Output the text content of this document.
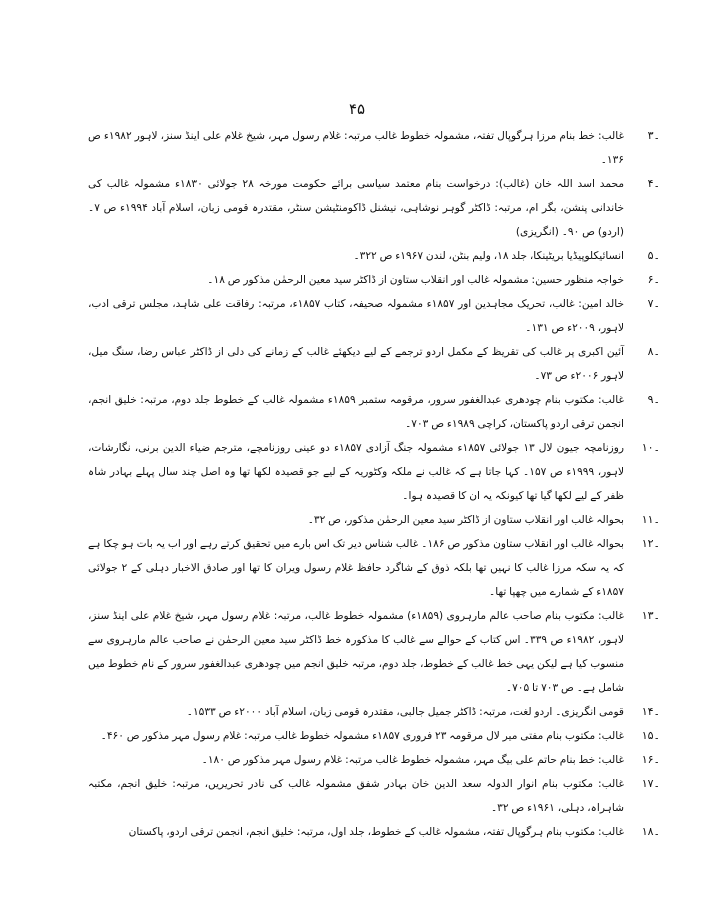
۴۵
۔۳
غالب: خط بنام مرزا ہرگوپال تفتہ، مشمولہ خطوط غالب مرتبہ: غلام رسول مہر، شیخ غلام علی اینڈ سنز، لاہور ۱۹۸۲ء ص ۱۳۶۔
۔۴
محمد اسد اللہ خان (غالب): درخواست بنام معتمد سیاسی برائے حکومت مورخہ ۲۸ جولائی ۱۸۳۰ء مشمولہ غالب کی خاندانی پنشن، بگر ام، مرتبہ: ڈاکٹر گوہر نوشاہی، نیشنل ڈاکومنٹیشن سنٹر، مقتدرہ قومی زبان، اسلام آباد ۱۹۹۴ء ص ۷۔ (اردو) ص ۹۰۔ (انگریزی)
۔۵
انسائیکلوپیڈیا بریٹینکا، جلد ۱۸، ولیم بنٹن، لندن ۱۹۶۷ء ص ۳۲۲۔
۔۶
خواجہ منظور حسین: مشمولہ غالب اور انقلاب ستاون از ڈاکٹر سید معین الرحمٰن مذکور ص ۱۸۔
۔۷
خالد امین: غالب، تحریک مجاہدین اور ۱۸۵۷ء مشمولہ صحیفہ، کتاب ۱۸۵۷ء، مرتبہ: رفاقت علی شاہد، مجلس ترقی ادب، لاہور، ۲۰۰۹ء ص ۱۳۱۔
۔۸
آئین اکبری پر غالب کی تقریظ کے مکمل اردو ترجمے کے لیے دیکھئے غالب کے زمانے کی دلی از ڈاکٹر عباس رضا، سنگ میل، لاہور ۲۰۰۶ء ص ۷۳۔
۔۹
غالب: مکتوب بنام چودھری عبدالغفور سرور، مرقومہ ستمبر ۱۸۵۹ء مشمولہ غالب کے خطوط جلد دوم، مرتبہ: خلیق انجم، انجمن ترقی اردو پاکستان، کراچی ۱۹۸۹ء ص ۷۰۳۔
۔۱۰
روزنامچہ جیون لال ۱۳ جولائی ۱۸۵۷ء مشمولہ جنگ آزادی ۱۸۵۷ء دو عینی روزنامچے، مترجم ضیاء الدین برنی، نگارشات، لاہور، ۱۹۹۹ء ص ۱۵۷۔ کہا جاتا ہے کہ غالب نے ملکہ وکٹوریہ کے لیے جو قصیدہ لکھا تھا وہ اصل چند سال پہلے بہادر شاہ ظفر کے لیے لکھا گیا تھا کیونکہ یہ ان کا قصیدہ ہوا۔
۔۱۱
بحوالہ غالب اور انقلاب ستاون از ڈاکٹر سید معین الرحمٰن مذکور، ص ۳۲۔
۔۱۲
بحوالہ غالب اور انقلاب ستاون مذکور ص ۱۸۶۔ غالب شناس دیر تک اس بارے میں تحقیق کرتے رہے اور اب یہ بات ہو چکا ہے کہ یہ سکہ مرزا غالب کا نہیں تھا بلکہ ذوق کے شاگرد حافظ غلام رسول ویران کا تھا اور صادق الاخبار دہلی کے ۲ جولائی ۱۸۵۷ء کے شمارے میں چھپا تھا۔
۔۱۳
غالب: مکتوب بنام صاحب عالم مارہروی (۱۸۵۹ء) مشمولہ خطوط غالب، مرتبہ: غلام رسول مہر، شیخ غلام علی اینڈ سنز، لاہور، ۱۹۸۲ء ص ۳۳۹۔ اس کتاب کے حوالے سے غالب کا مذکورہ خط ڈاکٹر سید معین الرحمٰن نے صاحب عالم مارہروی سے منسوب کیا ہے لیکن یہی خط غالب کے خطوط، جلد دوم، مرتبہ خلیق انجم میں چودھری عبدالغفور سرور کے نام خطوط میں شامل ہے۔ ص ۷۰۳ تا ۷۰۵۔
۔۱۴
قومی انگریزی۔ اردو لغت، مرتبہ: ڈاکٹر جمیل جالبی، مقتدرہ قومی زبان، اسلام آباد ۲۰۰۰ء ص ۱۵۳۳۔
۔۱۵
غالب: مکتوب بنام مفتی میر لال مرقومہ ۲۳ فروری ۱۸۵۷ء مشمولہ خطوط غالب مرتبہ: غلام رسول مہر مذکور ص ۴۶۰۔
۔۱۶
غالب: خط بنام حاتم علی بیگ مہر، مشمولہ خطوط غالب مرتبہ: غلام رسول مہر مذکور ص ۱۸۰۔
۔۱۷
غالب: مکتوب بنام انوار الدولہ سعد الدین خان بہادر شفق مشمولہ غالب کی نادر تحریریں، مرتبہ: خلیق انجم، مکتبہ شاہراہ، دہلی، ۱۹۶۱ء ص ۳۲۔
۔۱۸
غالب: مکتوب بنام ہرگوپال تفتہ، مشمولہ غالب کے خطوط، جلد اول، مرتبہ: خلیق انجم، انجمن ترقی اردو، پاکستان
